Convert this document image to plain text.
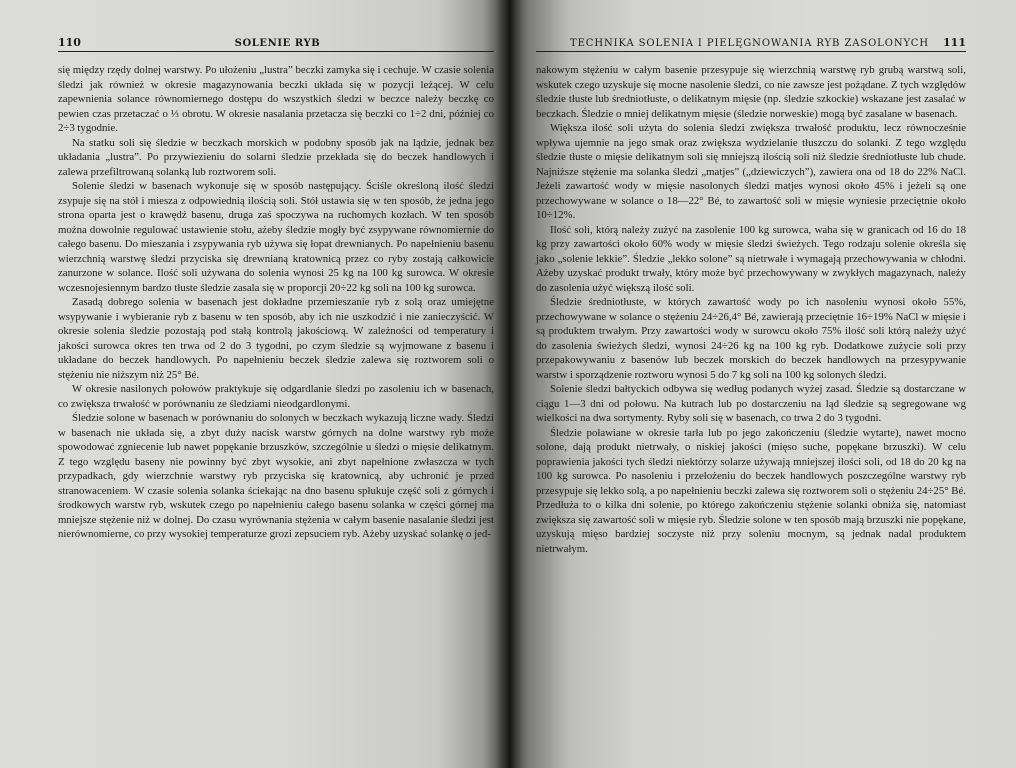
110	SOLENIE RYB

się między rzędy dolnej warstwy. Po ułożeniu „lustra” beczki zamyka się i cechuje. W czasie solenia śledzi jak również w okresie magazynowania beczki układa się w pozycji leżącej. W celu zapewnienia solance równomiernego dostępu do wszystkich śledzi w beczce należy beczkę co pewien czas przetaczać o ⅓ obrotu. W okresie nasalania przetacza się beczki co 1÷2 dni, później co 2÷3 tygodnie.

Na statku soli się śledzie w beczkach morskich w podobny sposób jak na lądzie, jednak bez układania „lustra”. Po przywiezieniu do solarni śledzie przekłada się do beczek handlowych i zalewa przefiltrowaną solanką lub roztworem soli.

Solenie śledzi w basenach wykonuje się w sposób następujący. Ściśle określoną ilość śledzi zsypuje się na stół i miesza z odpowiednią ilością soli. Stół ustawia się w ten sposób, że jedna jego strona oparta jest o krawędź basenu, druga zaś spoczywa na ruchomych kozłach. W ten sposób można dowolnie regulować ustawienie stołu, ażeby śledzie mogły być zsypywane równomiernie do całego basenu. Do mieszania i zsypywania ryb używa się łopat drewnianych. Po napełnieniu basenu wierzchnią warstwę śledzi przyciska się drewnianą kratownicą przez co ryby zostają całkowicie zanurzone w solance. Ilość soli używana do solenia wynosi 25 kg na 100 kg surowca. W okresie wczesnojesiennym bardzo tłuste śledzie zasala się w proporcji 20÷22 kg soli na 100 kg surowca.

Zasadą dobrego solenia w basenach jest dokładne przemieszanie ryb z solą oraz umiejętne wsypywanie i wybieranie ryb z basenu w ten sposób, aby ich nie uszkodzić i nie zanieczyścić. W okresie solenia śledzie pozostają pod stałą kontrolą jakościową. W zależności od temperatury i jakości surowca okres ten trwa od 2 do 3 tygodni, po czym śledzie są wyjmowane z basenu i układane do beczek handlowych. Po napełnieniu beczek śledzie zalewa się roztworem soli o stężeniu nie niższym niż 25° Bé.

W okresie nasilonych połowów praktykuje się odgardlanie śledzi po zasoleniu ich w basenach, co zwiększa trwałość w porównaniu ze śledziami nieodgardlonymi.

Śledzie solone w basenach w porównaniu do solonych w beczkach wykazują liczne wady. Śledzi w basenach nie układa się, a zbyt duży nacisk warstw górnych na dolne warstwy ryb może spowodować zgniecenie lub nawet popękanie brzuszków, szczególnie u śledzi o mięsie delikatnym. Z tego względu baseny nie powinny być zbyt wysokie, ani zbyt napełnione zwłaszcza w tych przypadkach, gdy wierzchnie warstwy ryb przyciska się kratownicą, aby uchronić je przed stranowaceniem. W czasie solenia solanka ściekając na dno basenu spłukuje część soli z górnych i środkowych warstw ryb, wskutek czego po napełnieniu całego basenu solanka w części górnej ma mniejsze stężenie niż w dolnej. Do czasu wyrównania stężenia w całym basenie nasalanie śledzi jest nierównomierne, co przy wysokiej temperaturze grozi zepsuciem ryb. Ażeby uzyskać solankę o jed-

TECHNIKA SOLENIA I PIELĘGNOWANIA RYB ZASOLONYCH 111

nakowym stężeniu w całym basenie przesypuje się wierzchnią warstwę ryb grubą warstwą soli, wskutek czego uzyskuje się mocne nasolenie śledzi, co nie zawsze jest pożądane. Z tych względów śledzie tłuste lub średniotłuste, o delikatnym mięsie (np. śledzie szkockie) wskazane jest zasalać w beczkach. Śledzie o mniej delikatnym mięsie (śledzie norweskie) mogą być zasalane w basenach.

Większa ilość soli użyta do solenia śledzi zwiększa trwałość produktu, lecz równocześnie wpływa ujemnie na jego smak oraz zwiększa wydzielanie tłuszczu do solanki. Z tego względu śledzie tłuste o mięsie delikatnym soli się mniejszą ilością soli niż śledzie średniotłuste lub chude. Najniższe stężenie ma solanka śledzi „matjes” („dziewiczych”), zawiera ona od 18 do 22% NaCl. Jeżeli zawartość wody w mięsie nasolonych śledzi matjes wynosi około 45% i jeżeli są one przechowywane w solance o 18—22° Bé, to zawartość soli w mięsie wyniesie przeciętnie około 10÷12%.

Ilość soli, którą należy zużyć na zasolenie 100 kg surowca, waha się w granicach od 16 do 18 kg przy zawartości około 60% wody w mięsie śledzi świeżych. Tego rodzaju solenie określa się jako „solenie lekkie”. Śledzie „lekko solone” są nietrwałe i wymagają przechowywania w chłodni. Ażeby uzyskać produkt trwały, który może być przechowywany w zwykłych magazynach, należy do zasolenia użyć większą ilość soli.

Śledzie średniotłuste, w których zawartość wody po ich nasoleniu wynosi około 55%, przechowywane w solance o stężeniu 24÷26,4° Bé, zawierają przeciętnie 16÷19% NaCl w mięsie i są produktem trwałym. Przy zawartości wody w surowcu około 75% ilość soli którą należy użyć do zasolenia świeżych śledzi, wynosi 24÷26 kg na 100 kg ryb. Dodatkowe zużycie soli przy przepakowywaniu z basenów lub beczek morskich do beczek handlowych na przesypywanie warstw i sporządzenie roztworu wynosi 5 do 7 kg soli na 100 kg solonych śledzi.

Solenie śledzi bałtyckich odbywa się według podanych wyżej zasad. Śledzie są dostarczane w ciągu 1—3 dni od połowu. Na kutrach lub po dostarczeniu na ląd śledzie są segregowane wg wielkości na dwa sortymenty. Ryby soli się w basenach, co trwa 2 do 3 tygodni.

Śledzie poławiane w okresie tarła lub po jego zakończeniu (śledzie wytarte), nawet mocno solone, dają produkt nietrwały, o niskiej jakości (mięso suche, popękane brzuszki). W celu poprawienia jakości tych śledzi niektórzy solarze używają mniejszej ilości soli, od 18 do 20 kg na 100 kg surowca. Po nasoleniu i przełożeniu do beczek handlowych poszczególne warstwy ryb przesypuje się lekko solą, a po napełnieniu beczki zalewa się roztworem soli o stężeniu 24÷25° Bé. Przedłuża to o kilka dni solenie, po którego zakończeniu stężenie solanki obniża się, natomiast zwiększa się zawartość soli w mięsie ryb. Śledzie solone w ten sposób mają brzuszki nie popękane, uzyskują mięso bardziej soczyste niż przy soleniu mocnym, są jednak nadal produktem nietrwałym.
